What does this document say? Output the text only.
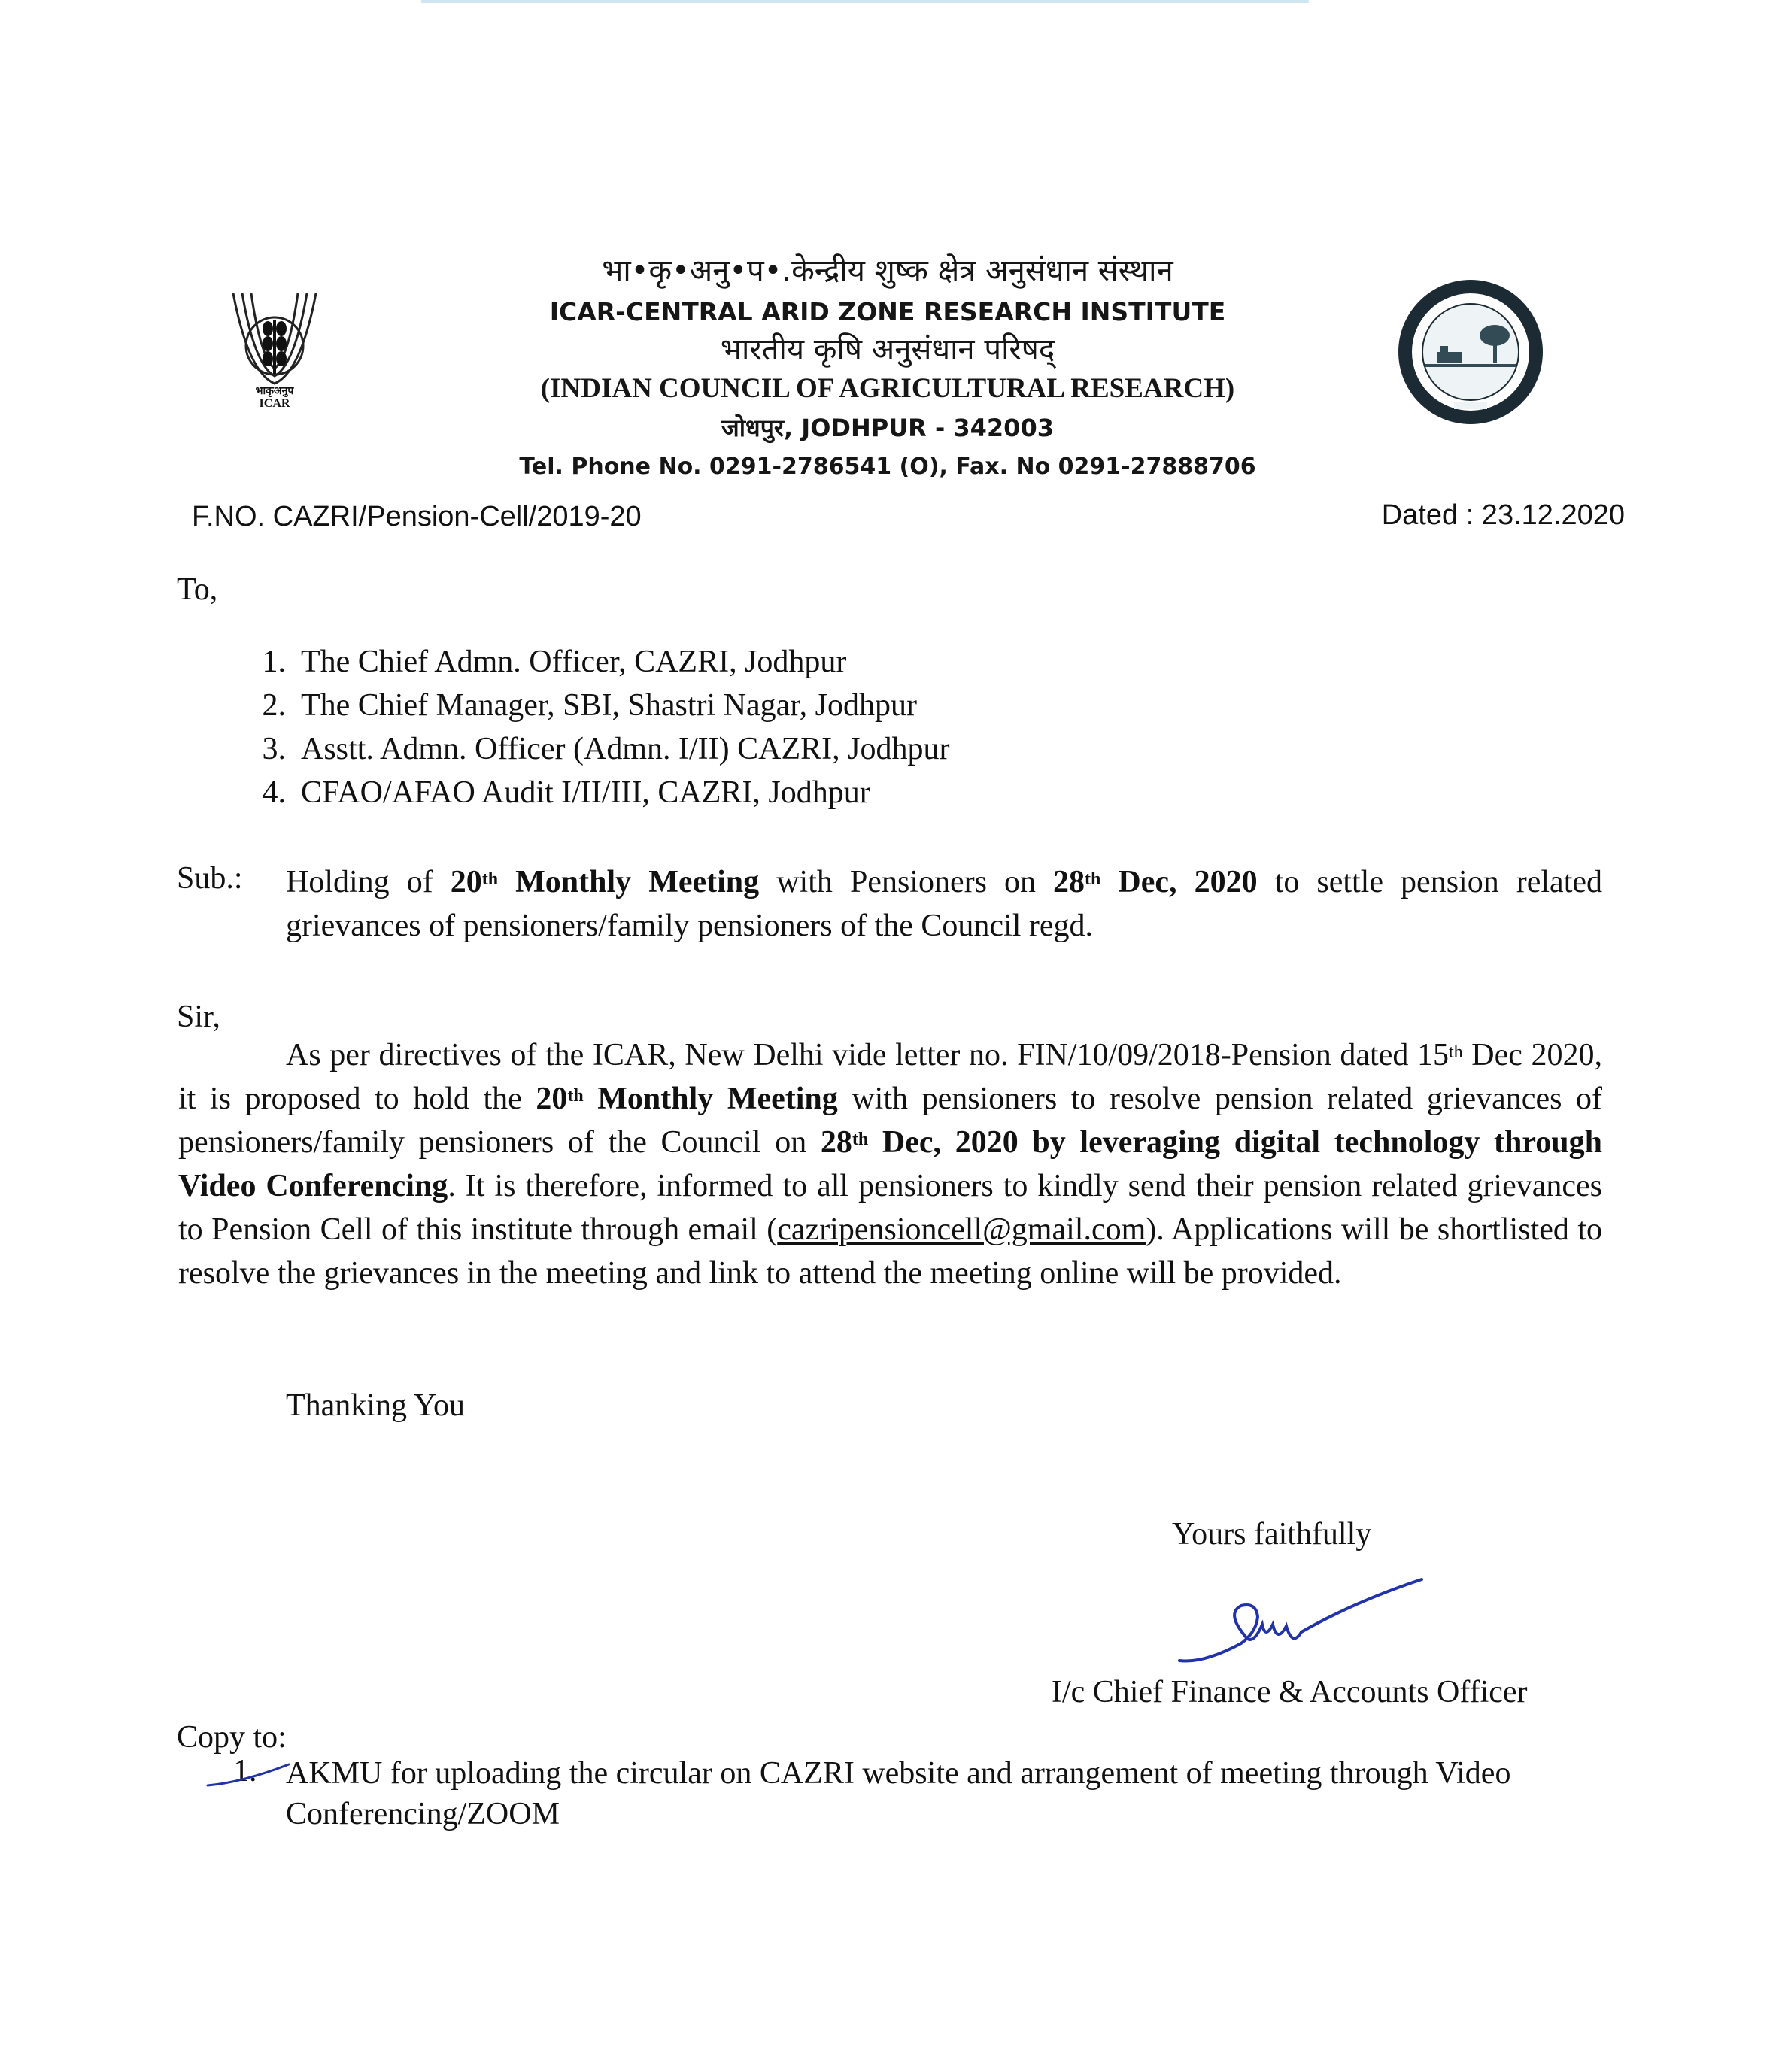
भाकृअनुप
ICAR
भा•कृ•अनु•प•.केन्द्रीय शुष्क क्षेत्र अनुसंधान संस्थान
ICAR-CENTRAL ARID ZONE RESEARCH INSTITUTE
भारतीय कृषि अनुसंधान परिषद्
(INDIAN COUNCIL OF AGRICULTURAL RESEARCH)
जोधपुर, JODHPUR - 342003
Tel. Phone No. 0291-2786541 (O), Fax. No 0291-27888706
F.NO. CAZRI/Pension-Cell/2019-20	Dated : 23.12.2020
To,
1. The Chief Admn. Officer, CAZRI, Jodhpur
2. The Chief Manager, SBI, Shastri Nagar, Jodhpur
3. Asstt. Admn. Officer (Admn. I/II) CAZRI, Jodhpur
4. CFAO/AFAO Audit I/II/III, CAZRI, Jodhpur
Sub.: Holding of 20th Monthly Meeting with Pensioners on 28th Dec, 2020 to settle pension related
grievances of pensioners/family pensioners of the Council regd.
Sir,
As per directives of the ICAR, New Delhi vide letter no. FIN/10/09/2018-Pension dated 15th Dec 2020, it is proposed to hold the 20th Monthly Meeting with pensioners to resolve pension related grievances of pensioners/family pensioners of the Council on 28th Dec, 2020 by leveraging digital technology through Video Conferencing. It is therefore, informed to all pensioners to kindly send their pension related grievances to Pension Cell of this institute through email (cazripensioncell@gmail.com). Applications will be shortlisted to resolve the grievances in the meeting and link to attend the meeting online will be provided.
Thanking You
Yours faithfully
I/c Chief Finance & Accounts Officer
Copy to:
1. AKMU for uploading the circular on CAZRI website and arrangement of meeting through Video
Conferencing/ZOOM
